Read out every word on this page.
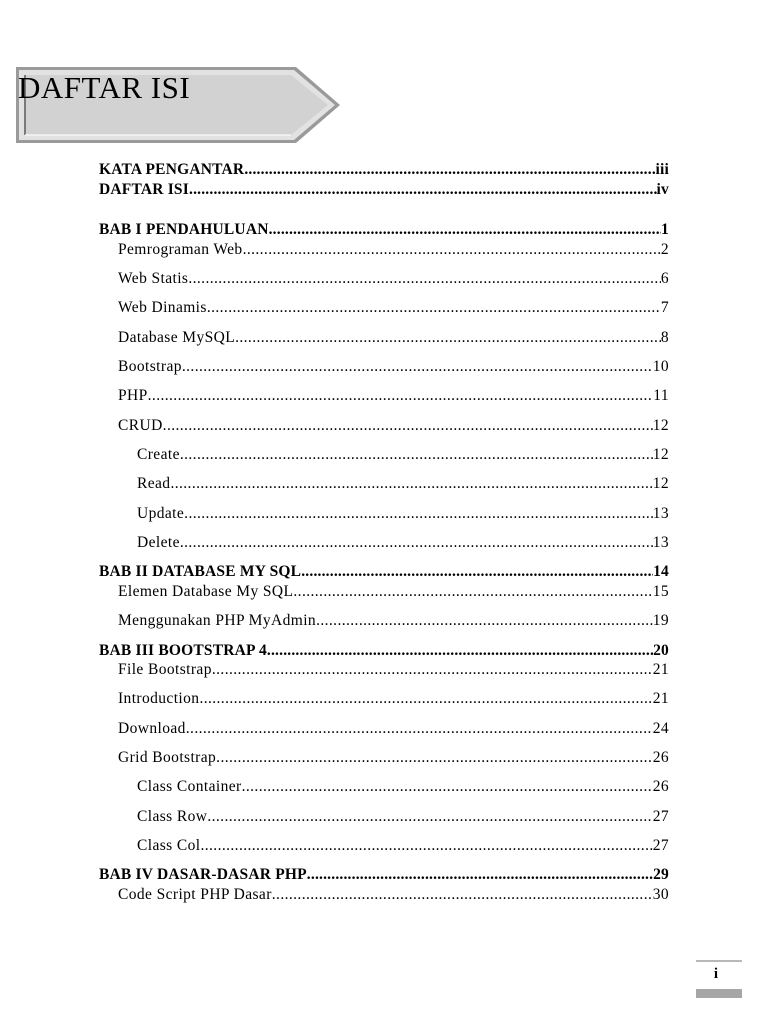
DAFTAR ISI
KATA PENGANTAR .....	iii
DAFTAR ISI .....	iv
BAB I PENDAHULUAN .....	1
Pemrograman Web .....	2
Web Statis .....	6
Web Dinamis .....	7
Database MySQL .....	8
Bootstrap .....	10
PHP .....	11
CRUD .....	12
Create .....	12
Read .....	12
Update .....	13
Delete .....	13
BAB II DATABASE MY SQL .....	14
Elemen Database My SQL .....	15
Menggunakan PHP MyAdmin .....	19
BAB III BOOTSTRAP 4 .....	20
File Bootstrap .....	21
Introduction .....	21
Download .....	24
Grid Bootstrap .....	26
Class Container .....	26
Class Row .....	27
Class Col .....	27
BAB IV DASAR-DASAR PHP .....	29
Code Script PHP Dasar .....	30
i
